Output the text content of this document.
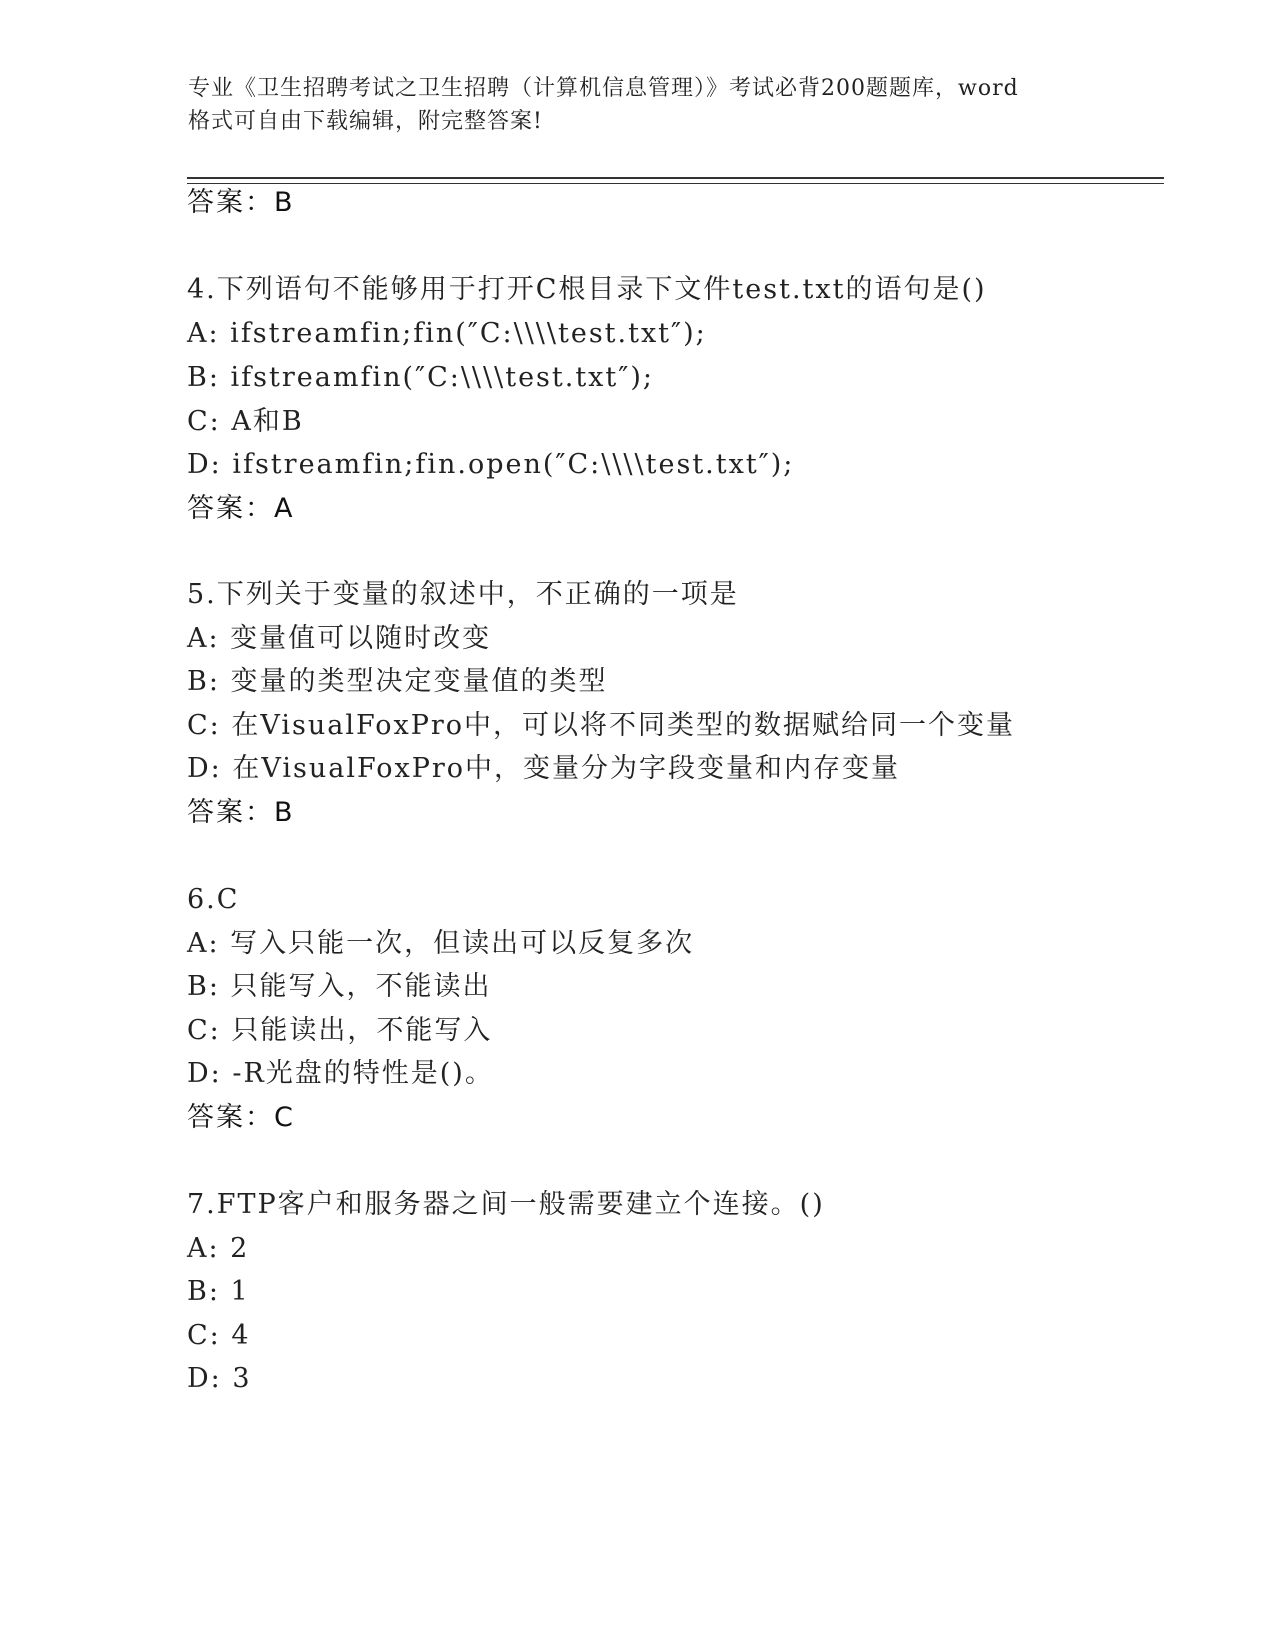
专业《卫生招聘考试之卫生招聘（计算机信息管理）》考试必背200题题库，word
格式可自由下载编辑，附完整答案!
答案：B
4.下列语句不能够用于打开C根目录下文件test.txt的语句是()
A: ifstreamfin;fin(″C:\\\\test.txt″);
B: ifstreamfin(″C:\\\\test.txt″);
C: A和B
D: ifstreamfin;fin.open(″C:\\\\test.txt″);
答案：A
5.下列关于变量的叙述中，不正确的一项是
A: 变量值可以随时改变
B: 变量的类型决定变量值的类型
C: 在VisualFoxPro中，可以将不同类型的数据赋给同一个变量
D: 在VisualFoxPro中，变量分为字段变量和内存变量
答案：B
6.C
A: 写入只能一次，但读出可以反复多次
B: 只能写入，不能读出
C: 只能读出，不能写入
D: -R光盘的特性是()。
答案：C
7.FTP客户和服务器之间一般需要建立个连接。()
A: 2
B: 1
C: 4
D: 3
